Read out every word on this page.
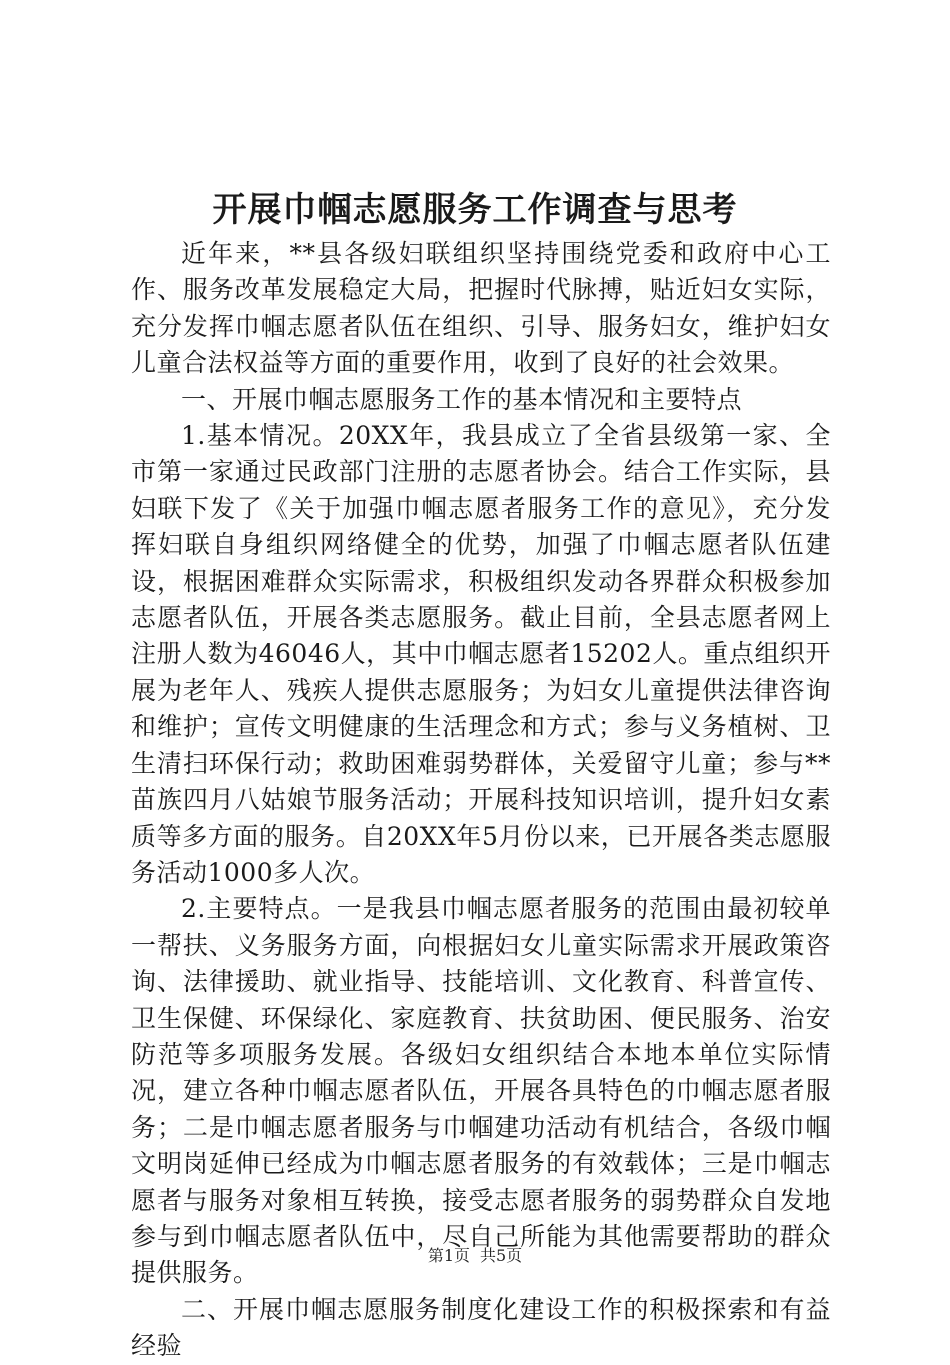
开展巾帼志愿服务工作调查与思考

近年来，**县各级妇联组织坚持围绕党委和政府中心工作、服务改革发展稳定大局，把握时代脉搏，贴近妇女实际，充分发挥巾帼志愿者队伍在组织、引导、服务妇女，维护妇女儿童合法权益等方面的重要作用，收到了良好的社会效果。

一、开展巾帼志愿服务工作的基本情况和主要特点

1.基本情况。20XX年，我县成立了全省县级第一家、全市第一家通过民政部门注册的志愿者协会。结合工作实际，县妇联下发了《关于加强巾帼志愿者服务工作的意见》，充分发挥妇联自身组织网络健全的优势，加强了巾帼志愿者队伍建设，根据困难群众实际需求，积极组织发动各界群众积极参加志愿者队伍，开展各类志愿服务。截止目前，全县志愿者网上注册人数为46046人，其中巾帼志愿者15202人。重点组织开展为老年人、残疾人提供志愿服务；为妇女儿童提供法律咨询和维护；宣传文明健康的生活理念和方式；参与义务植树、卫生清扫环保行动；救助困难弱势群体，关爱留守儿童；参与**苗族四月八姑娘节服务活动；开展科技知识培训，提升妇女素质等多方面的服务。自20XX年5月份以来，已开展各类志愿服务活动1000多人次。

2.主要特点。一是我县巾帼志愿者服务的范围由最初较单一帮扶、义务服务方面，向根据妇女儿童实际需求开展政策咨询、法律援助、就业指导、技能培训、文化教育、科普宣传、卫生保健、环保绿化、家庭教育、扶贫助困、便民服务、治安防范等多项服务发展。各级妇女组织结合本地本单位实际情况，建立各种巾帼志愿者队伍，开展各具特色的巾帼志愿者服务；二是巾帼志愿者服务与巾帼建功活动有机结合，各级巾帼文明岗延伸已经成为巾帼志愿者服务的有效载体；三是巾帼志愿者与服务对象相互转换，接受志愿者服务的弱势群众自发地参与到巾帼志愿者队伍中，尽自己所能为其他需要帮助的群众提供服务。

二、开展巾帼志愿服务制度化建设工作的积极探索和有益经验

第1页 共5页
